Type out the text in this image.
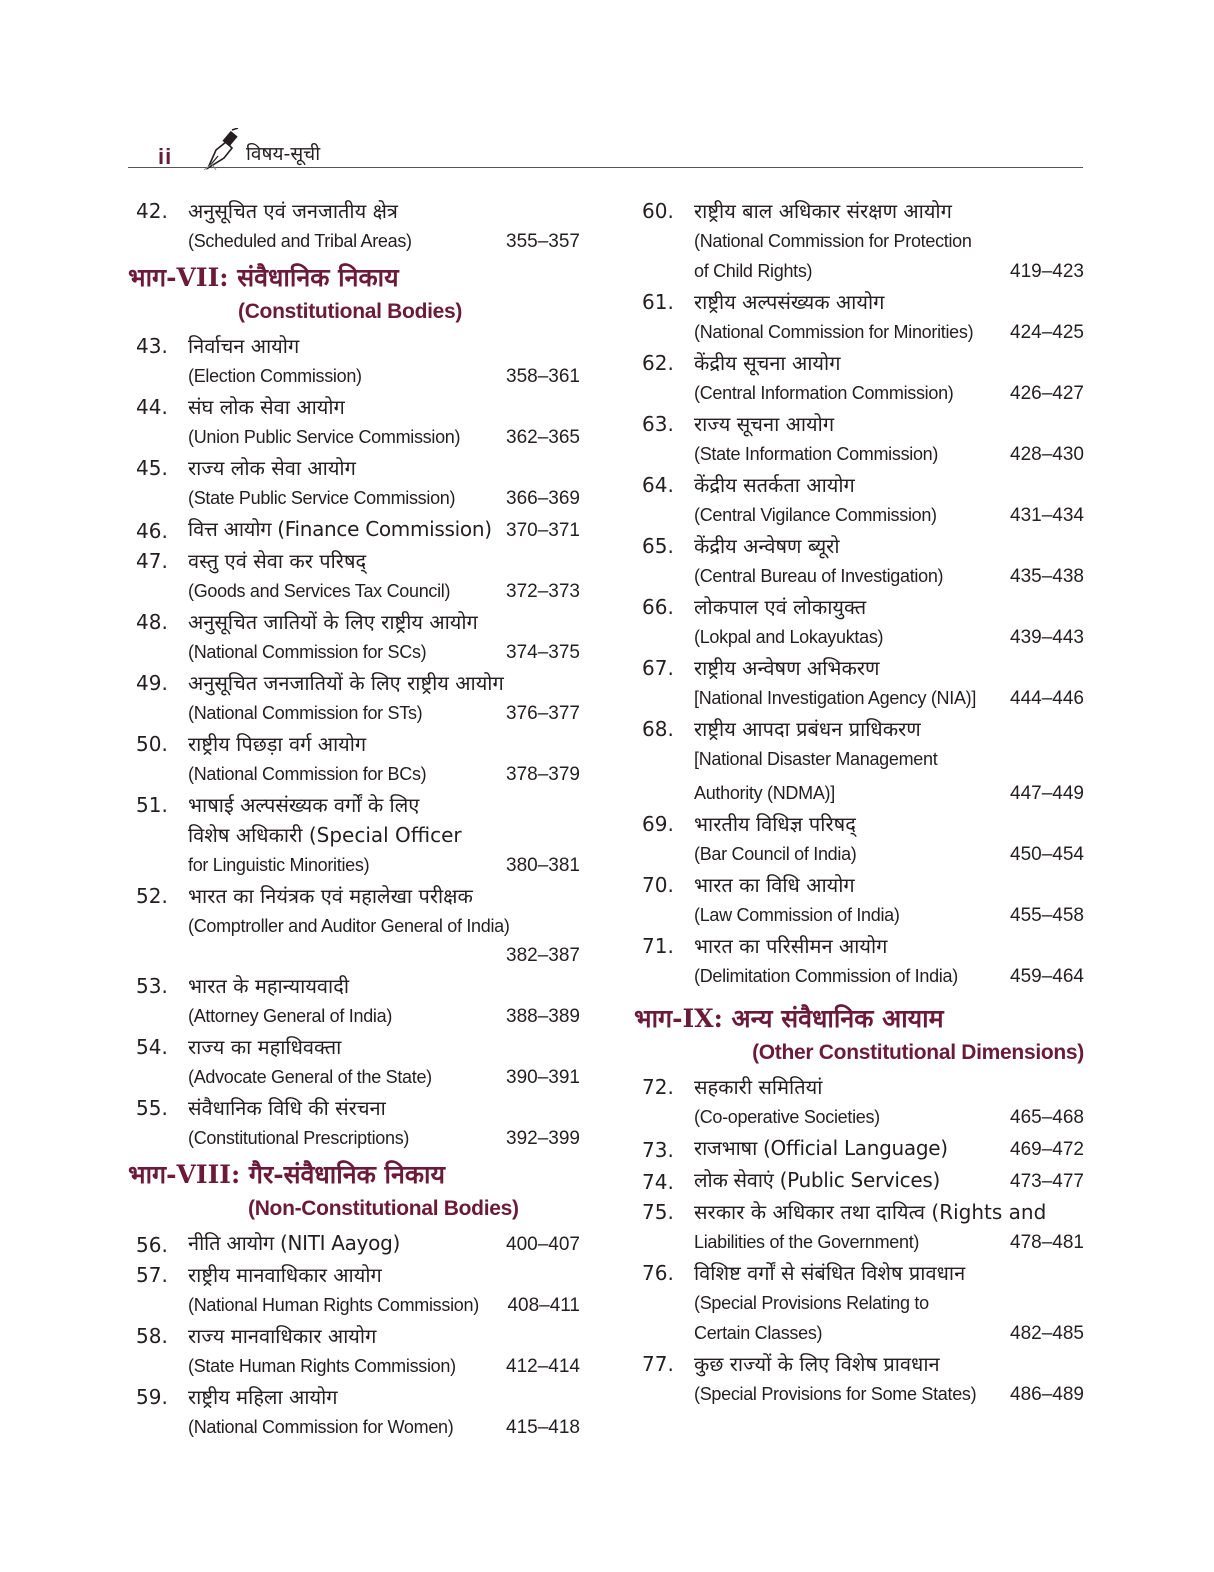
ii	विषय-सूची
42.	अनुसूचित एवं जनजातीय क्षेत्र
(Scheduled and Tribal Areas)	355–357
भाग-VII: संवैधानिक निकाय
(Constitutional Bodies)
43.	निर्वाचन आयोग
(Election Commission)	358–361
44.	संघ लोक सेवा आयोग
(Union Public Service Commission) 362–365
45.	राज्य लोक सेवा आयोग
(State Public Service Commission)	366–369
46.	वित्त आयोग (Finance Commission) 370–371
47.	वस्तु एवं सेवा कर परिषद्
(Goods and Services Tax Council)	372–373
48.	अनुसूचित जातियों के लिए राष्ट्रीय आयोग
(National Commission for SCs)	374–375
49.	अनुसूचित जनजातियों के लिए राष्ट्रीय आयोग
(National Commission for STs)	376–377
50.	राष्ट्रीय पिछड़ा वर्ग आयोग
(National Commission for BCs)	378–379
51.	भाषाई अल्पसंख्यक वर्गों के लिए
विशेष अधिकारी (Special Officer
for Linguistic Minorities)	380–381
52.	भारत का नियंत्रक एवं महालेखा परीक्षक
(Comptroller and Auditor General of India)
382–387
53.	भारत के महान्यायवादी
(Attorney General of India)	388–389
54.	राज्य का महाधिवक्ता
(Advocate General of the State)	390–391
55.	संवैधानिक विधि की संरचना
(Constitutional Prescriptions)	392–399
भाग-VIII: गैर-संवैधानिक निकाय
(Non-Constitutional Bodies)
56.	नीति आयोग (NITI Aayog)	400–407
57.	राष्ट्रीय मानवाधिकार आयोग
(National Human Rights Commission) 408–411
58.	राज्य मानवाधिकार आयोग
(State Human Rights Commission)	412–414
59.	राष्ट्रीय महिला आयोग
(National Commission for Women)	415–418
60.	राष्ट्रीय बाल अधिकार संरक्षण आयोग
(National Commission for Protection
of Child Rights)	419–423
61.	राष्ट्रीय अल्पसंख्यक आयोग
(National Commission for Minorities) 424–425
62.	केंद्रीय सूचना आयोग
(Central Information Commission)	426–427
63.	राज्य सूचना आयोग
(State Information Commission)	428–430
64.	केंद्रीय सतर्कता आयोग
(Central Vigilance Commission)	431–434
65.	केंद्रीय अन्वेषण ब्यूरो
(Central Bureau of Investigation)	435–438
66.	लोकपाल एवं लोकायुक्त
(Lokpal and Lokayuktas)	439–443
67.	राष्ट्रीय अन्वेषण अभिकरण
[National Investigation Agency (NIA)] 444–446
68.	राष्ट्रीय आपदा प्रबंधन प्राधिकरण
[National Disaster Management
Authority (NDMA)]	447–449
69.	भारतीय विधिज्ञ परिषद्
(Bar Council of India)	450–454
70.	भारत का विधि आयोग
(Law Commission of India)	455–458
71.	भारत का परिसीमन आयोग
(Delimitation Commission of India)	459–464
भाग-IX: अन्य संवैधानिक आयाम
(Other Constitutional Dimensions)
72.	सहकारी समितियां
(Co-operative Societies)	465–468
73.	राजभाषा (Official Language)	469–472
74.	लोक सेवाएं (Public Services)	473–477
75.	सरकार के अधिकार तथा दायित्व (Rights and
Liabilities of the Government)	478–481
76.	विशिष्ट वर्गों से संबंधित विशेष प्रावधान
(Special Provisions Relating to
Certain Classes)	482–485
77.	कुछ राज्यों के लिए विशेष प्रावधान
(Special Provisions for Some States) 486–489
